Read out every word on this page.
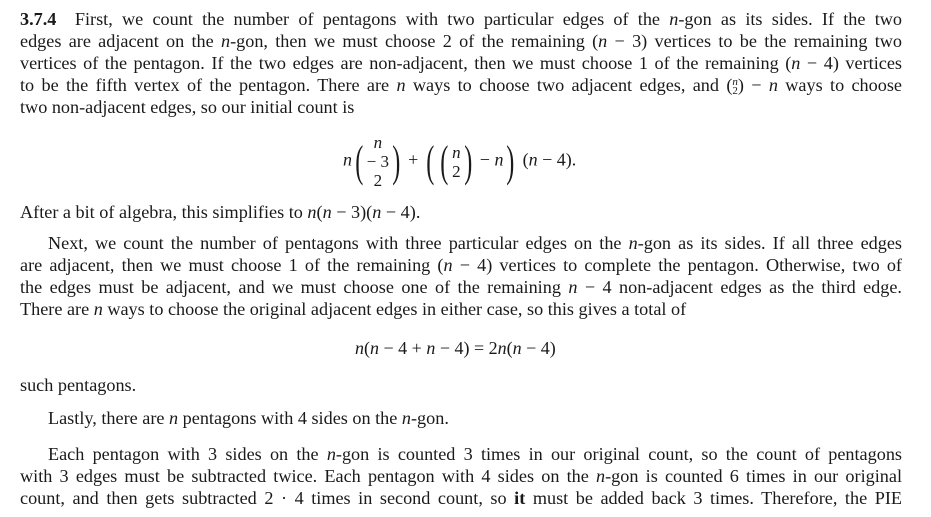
3.7.4  First, we count the number of pentagons with two particular edges of the n-gon as its sides. If the two
edges are adjacent on the n-gon, then we must choose 2 of the remaining (n − 3) vertices to be the remaining two
vertices of the pentagon. If the two edges are non-adjacent, then we must choose 1 of the remaining (n − 4) vertices
to be the fifth vertex of the pentagon. There are n ways to choose two adjacent edges, and ( n
2 ) − n ways to choose
two non-adjacent edges, so our initial count is
n( n
− 3
2 ) + ( ( n
2 ) − n) (n − 4).
After a bit of algebra, this simplifies to n(n − 3)(n − 4).
Next, we count the number of pentagons with three particular edges on the n-gon as its sides. If all three edges
are adjacent, then we must choose 1 of the remaining (n − 4) vertices to complete the pentagon. Otherwise, two of
the edges must be adjacent, and we must choose one of the remaining n − 4 non-adjacent edges as the third edge.
There are n ways to choose the original adjacent edges in either case, so this gives a total of
n(n − 4 + n − 4) = 2n(n − 4)
such pentagons.
Lastly, there are n pentagons with 4 sides on the n-gon.
Each pentagon with 3 sides on the n-gon is counted 3 times in our original count, so the count of pentagons
with 3 edges must be subtracted twice. Each pentagon with 4 sides on the n-gon is counted 6 times in our original
count, and then gets subtracted 2 · 4 times in second count, so it must be added back 3 times. Therefore, the PIE
